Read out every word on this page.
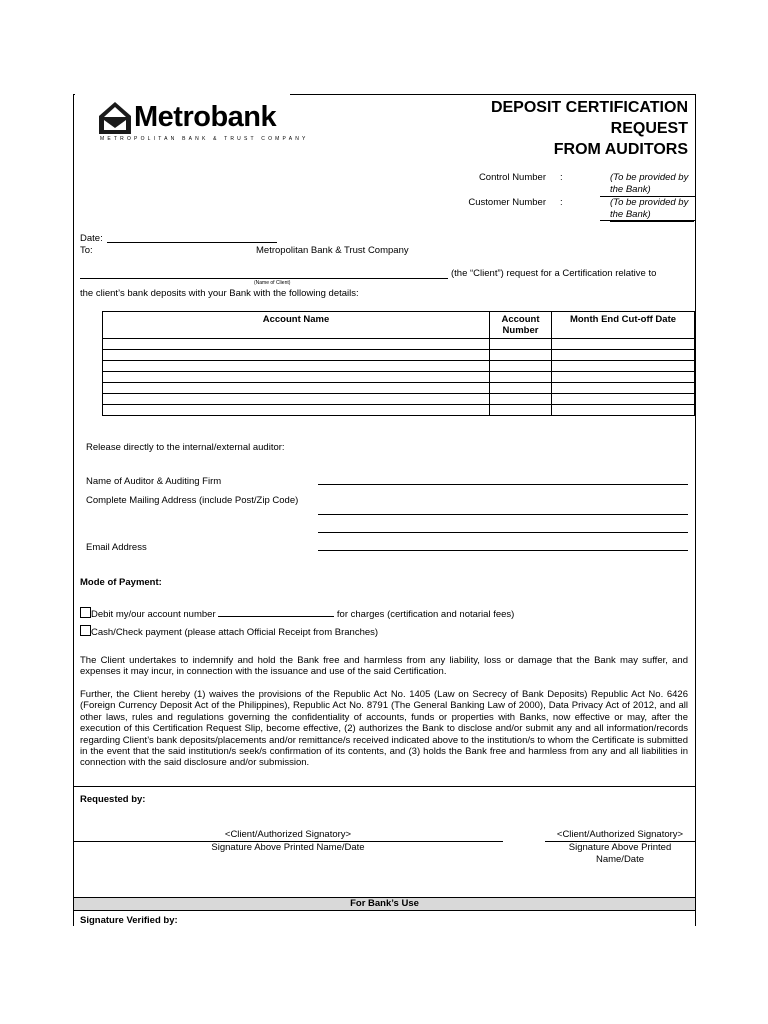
Metrobank
METROPOLITAN BANK & TRUST COMPANY
DEPOSIT CERTIFICATION
REQUEST
FROM AUDITORS
Control Number :	(To be provided by the Bank)
Customer Number :	(To be provided by the Bank)
Date:
To:	Metropolitan Bank & Trust Company
(Name of Client)
(the “Client”) request for a Certification relative to
the client’s bank deposits with your Bank with the following details:
Account Name	Account Number	Month End Cut-off Date

Release directly to the internal/external auditor:
Name of Auditor & Auditing Firm
Complete Mailing Address (include Post/Zip Code)
Email Address
Mode of Payment:
Debit my/our account number	for charges (certification and notarial fees)
Cash/Check payment (please attach Official Receipt from Branches)
The Client undertakes to indemnify and hold the Bank free and harmless from any liability, loss or damage that the Bank may suffer, and expenses it may incur, in connection with the issuance and use of the said Certification.
Further, the Client hereby (1) waives the provisions of the Republic Act No. 1405 (Law on Secrecy of Bank Deposits) Republic Act No. 6426 (Foreign Currency Deposit Act of the Philippines), Republic Act No. 8791 (The General Banking Law of 2000), Data Privacy Act of 2012, and all other laws, rules and regulations governing the confidentiality of accounts, funds or properties with Banks, now effective or may, after the execution of this Certification Request Slip, become effective, (2) authorizes the Bank to disclose and/or submit any and all information/records regarding Client’s bank deposits/placements and/or remittance/s received indicated above to the institution/s to whom the Certificate is submitted in the event that the said institution/s seek/s confirmation of its contents, and (3) holds the Bank free and harmless from any and all liabilities in connection with the said disclosure and/or submission.
Requested by:
<Client/Authorized Signatory>
Signature Above Printed Name/Date
<Client/Authorized Signatory>
Signature Above Printed
Name/Date
For Bank’s Use
Signature Verified by:
